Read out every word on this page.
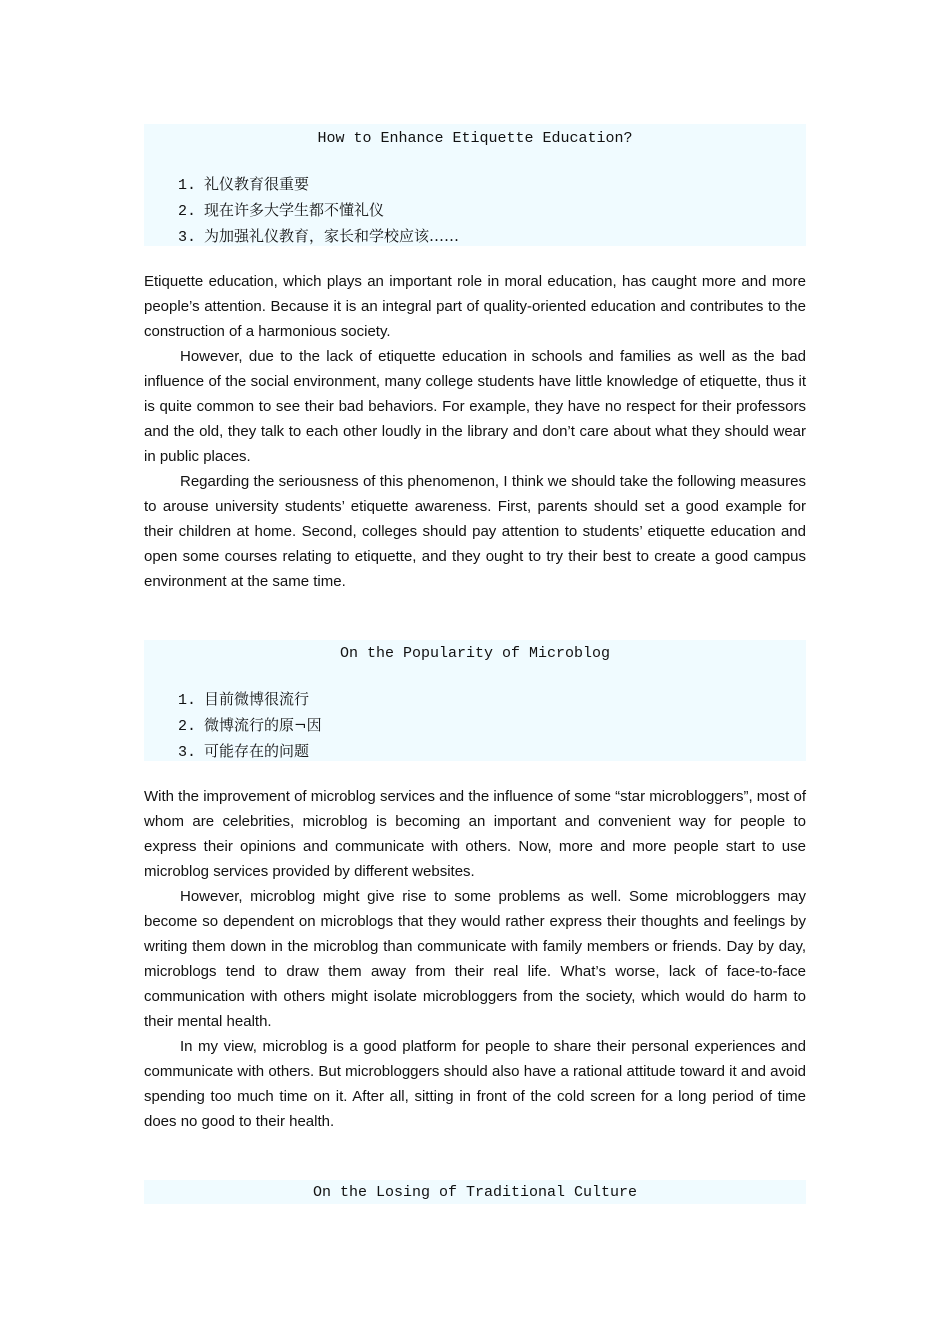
How to Enhance Etiquette Education?
1. 礼仪教育很重要
2. 现在许多大学生都不懂礼仪
3. 为加强礼仪教育，家长和学校应该……

Etiquette education, which plays an important role in moral education, has caught more and more people’s attention. Because it is an integral part of quality-oriented education and contributes to the construction of a harmonious society.

However, due to the lack of etiquette education in schools and families as well as the bad influence of the social environment, many college students have little knowledge of etiquette, thus it is quite common to see their bad behaviors. For example, they have no respect for their professors and the old, they talk to each other loudly in the library and don’t care about what they should wear in public places.

Regarding the seriousness of this phenomenon, I think we should take the following measures to arouse university students’ etiquette awareness. First, parents should set a good example for their children at home. Second, colleges should pay attention to students’ etiquette education and open some courses relating to etiquette, and they ought to try their best to create a good campus environment at the same time.

On the Popularity of Microblog
1. 目前微博很流行
2. 微博流行的原¬因
3. 可能存在的问题

With the improvement of microblog services and the influence of some “star microbloggers”, most of whom are celebrities, microblog is becoming an important and convenient way for people to express their opinions and communicate with others. Now, more and more people start to use microblog services provided by different websites.

However, microblog might give rise to some problems as well. Some microbloggers may become so dependent on microblogs that they would rather express their thoughts and feelings by writing them down in the microblog than communicate with family members or friends. Day by day, microblogs tend to draw them away from their real life. What’s worse, lack of face-to-face communication with others might isolate microbloggers from the society, which would do harm to their mental health.

In my view, microblog is a good platform for people to share their personal experiences and communicate with others. But microbloggers should also have a rational attitude toward it and avoid spending too much time on it. After all, sitting in front of the cold screen for a long period of time does no good to their health.

On the Losing of Traditional Culture
